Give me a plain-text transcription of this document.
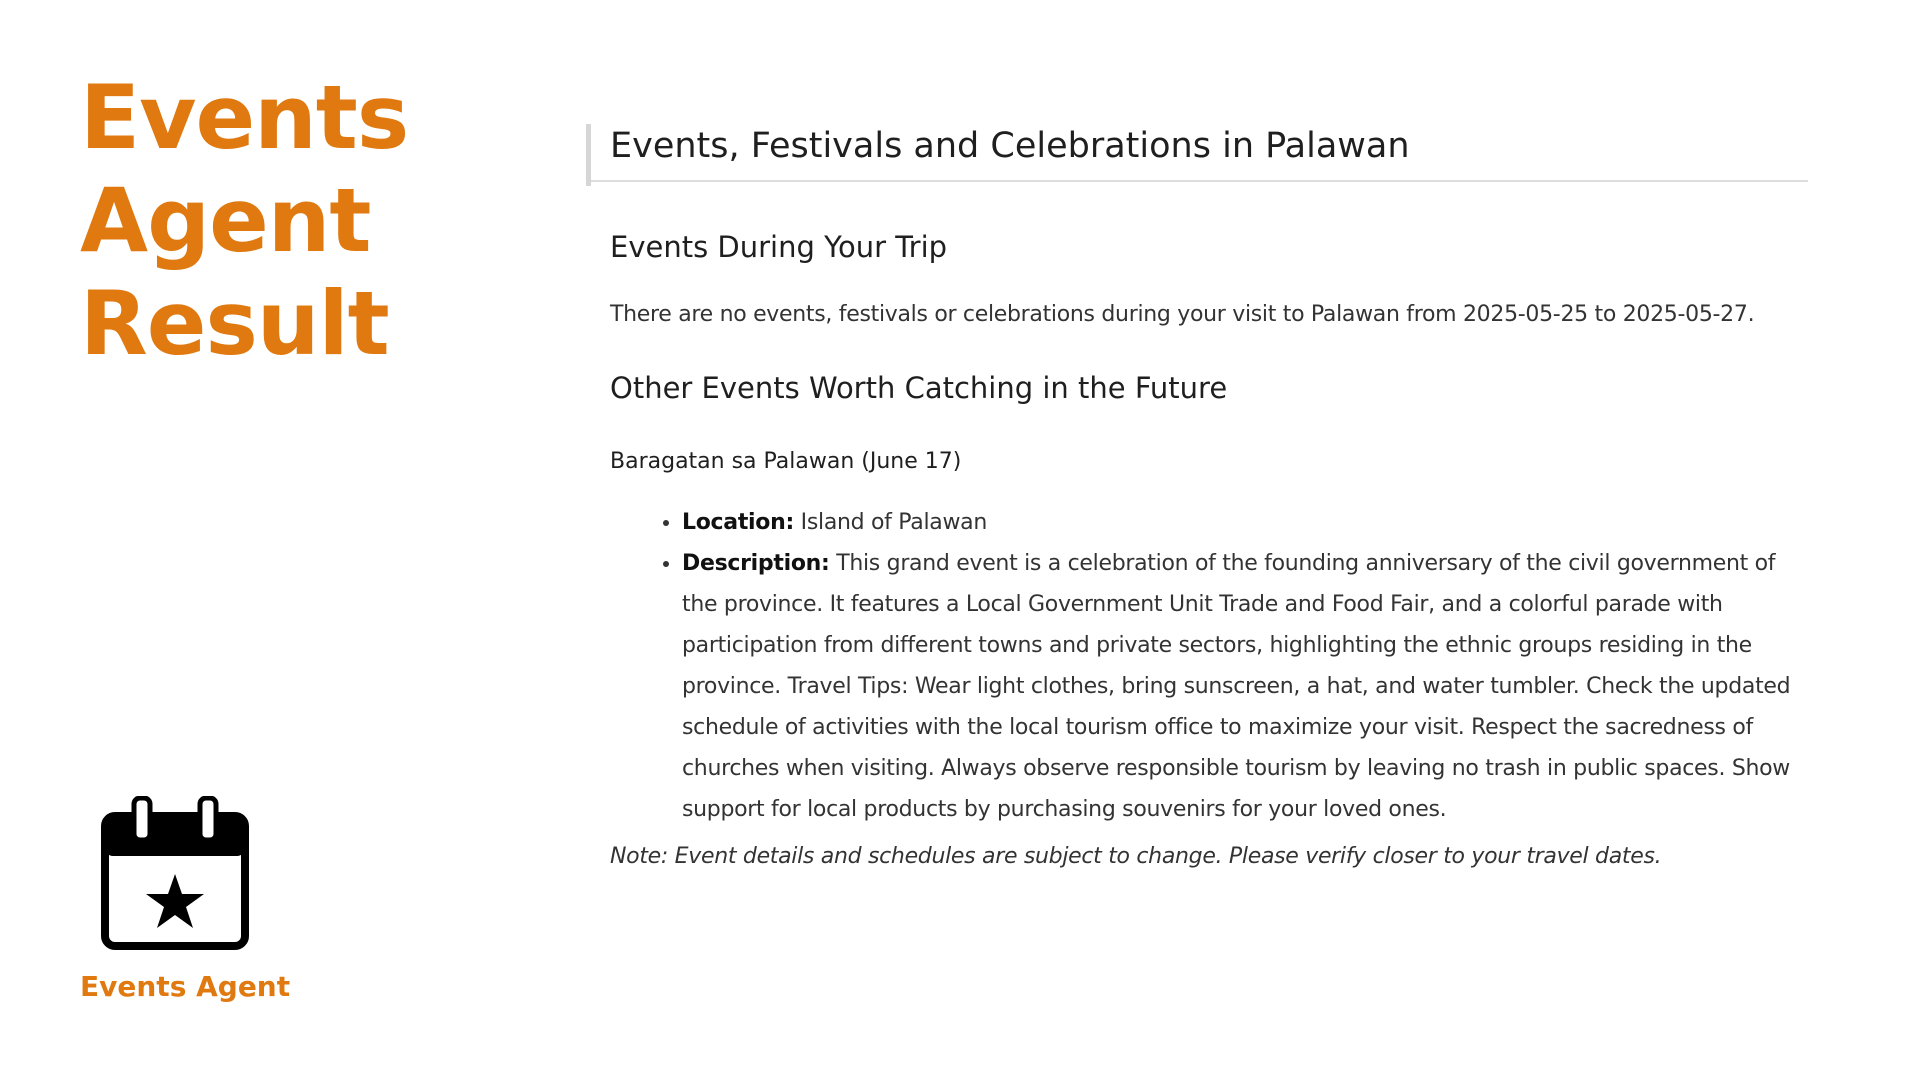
Events
Agent
Result
Events Agent
Events, Festivals and Celebrations in Palawan
Events During Your Trip
There are no events, festivals or celebrations during your visit to Palawan from 2025-05-25 to 2025-05-27.
Other Events Worth Catching in the Future
Baragatan sa Palawan (June 17)
• Location: Island of Palawan
• Description: This grand event is a celebration of the founding anniversary of the civil government of the province. It features a Local Government Unit Trade and Food Fair, and a colorful parade with participation from different towns and private sectors, highlighting the ethnic groups residing in the province. Travel Tips: Wear light clothes, bring sunscreen, a hat, and water tumbler. Check the updated schedule of activities with the local tourism office to maximize your visit. Respect the sacredness of churches when visiting. Always observe responsible tourism by leaving no trash in public spaces. Show support for local products by purchasing souvenirs for your loved ones.
Note: Event details and schedules are subject to change. Please verify closer to your travel dates.
